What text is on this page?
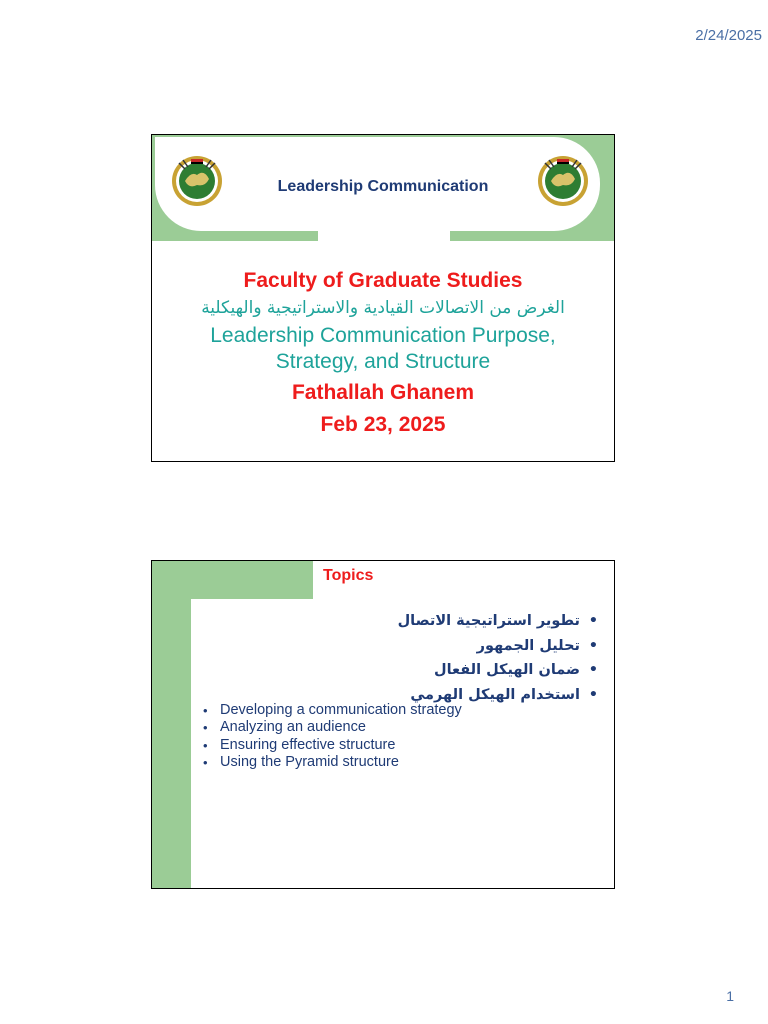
2/24/2025
Leadership Communication
Faculty of Graduate Studies
الغرض من الاتصالات القيادية والاستراتيجية والهيكلية
Leadership Communication Purpose,
Strategy, and Structure
Fathallah Ghanem
Feb 23, 2025
Topics
• تطوير استراتيجية الاتصال
• تحليل الجمهور
• ضمان الهيكل الفعال
• استخدام الهيكل الهرمي
• Developing a communication strategy
• Analyzing an audience
• Ensuring effective structure
• Using the Pyramid structure
1
